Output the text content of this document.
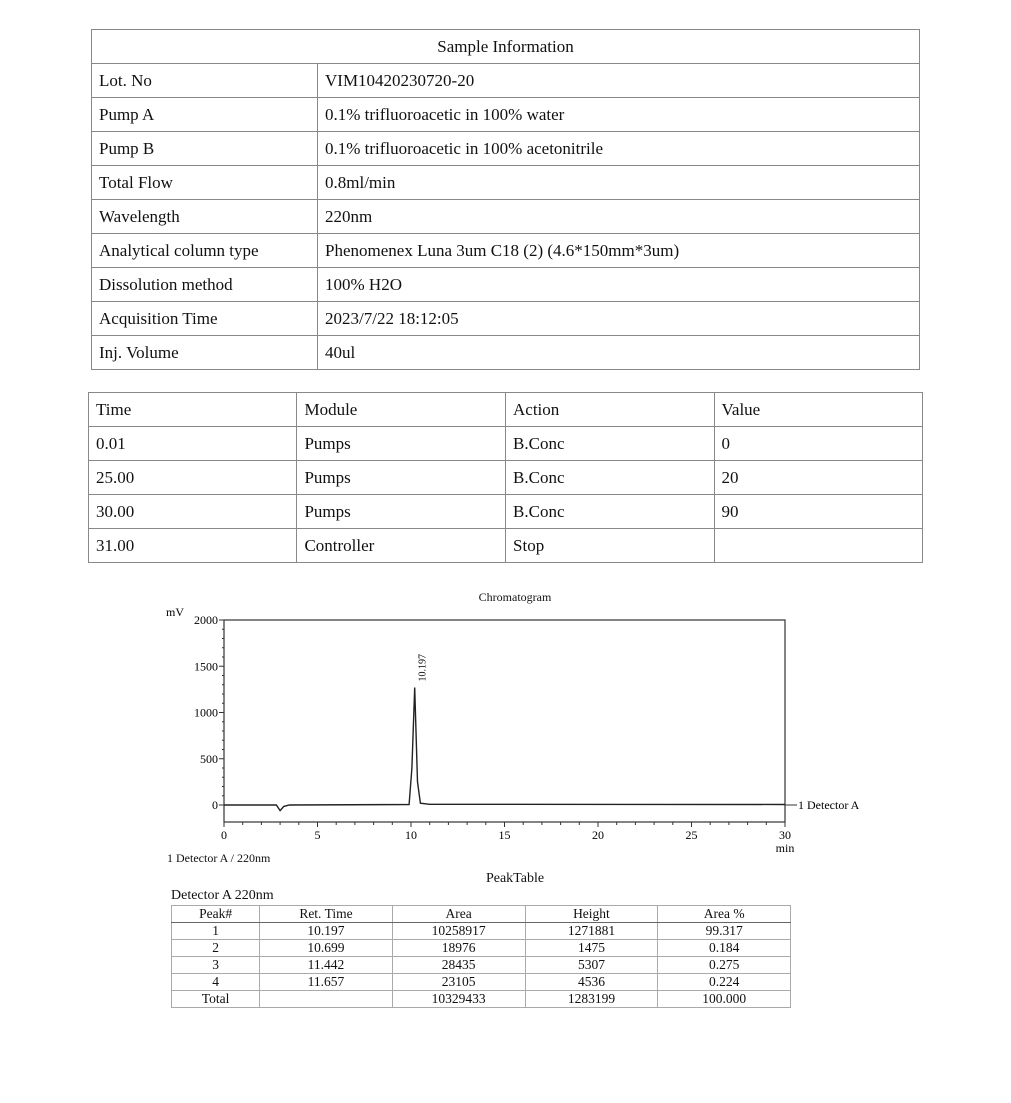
Sample Information	
Lot. No	VIM10420230720-20
Pump A	0.1% trifluoroacetic in 100% water
Pump B	0.1% trifluoroacetic in 100% acetonitrile
Total Flow	0.8ml/min
Wavelength	220nm
Analytical column type	Phenomenex Luna 3um C18 (2) (4.6*150mm*3um)
Dissolution method	100% H2O
Acquisition Time	2023/7/22 18:12:05
Inj. Volume	40ul
Time	Module	Action	Value
0.01	Pumps	B.Conc	0
25.00	Pumps	B.Conc	20
30.00	Pumps	B.Conc	90
31.00	Controller	Stop	
Chromatogram
0
500
1000
1500
2000
0	5	10	15	20	25	30
mV
min
1 Detector A
10.197
1 Detector A / 220nm
PeakTable
Detector A 220nm
Peak#	Ret. Time	Area	Height	Area %
1	10.197	10258917	1271881	99.317
2	10.699	18976	1475	0.184
3	11.442	28435	5307	0.275
4	11.657	23105	4536	0.224
Total		10329433	1283199	100.000
